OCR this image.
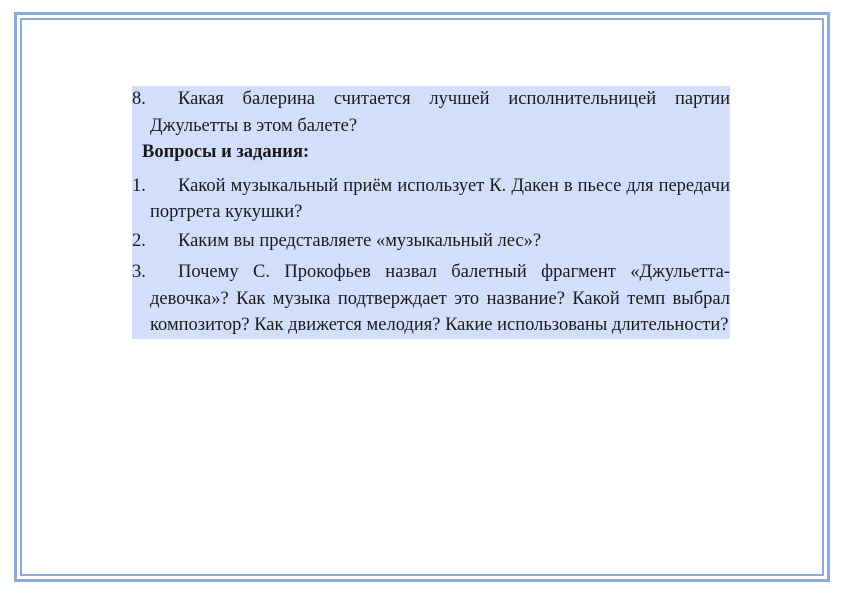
8. Какая балерина считается лучшей исполнительницей партии Джульетты в этом балете?
Вопросы и задания:
1. Какой музыкальный приём использует К. Дакен в пьесе для передачи портрета кукушки?
2. Каким вы представляете «музыкальный лес»?
3. Почему С. Прокофьев назвал балетный фрагмент «Джульетта-девочка»? Как музыка подтверждает это название? Какой темп выбрал композитор? Как движется мелодия? Какие использованы длительности?
